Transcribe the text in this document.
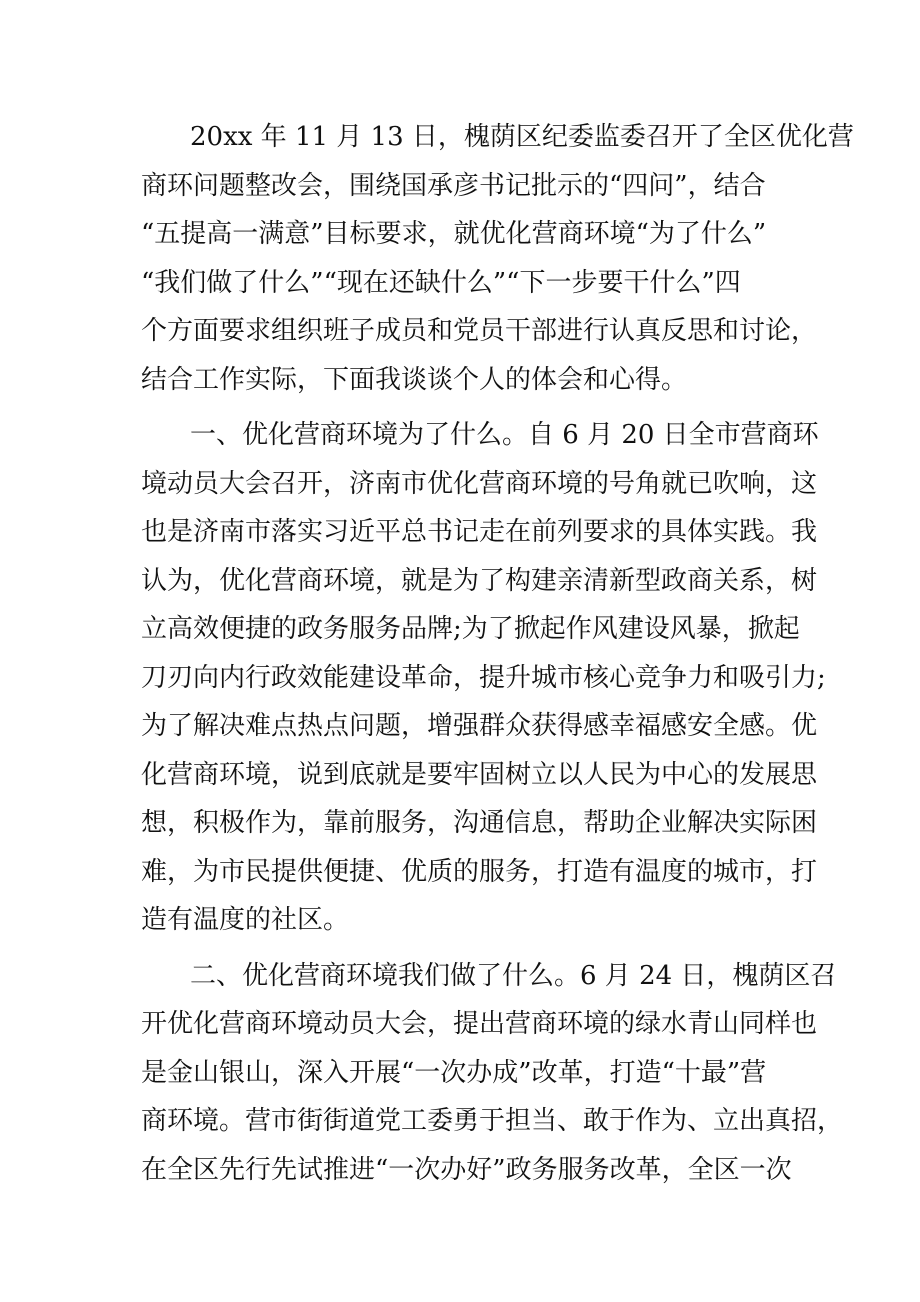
20xx 年 11 月 13 日，槐荫区纪委监委召开了全区优化营
商环问题整改会，围绕国承彦书记批示的“四问”，结合
“五提高一满意”目标要求，就优化营商环境“为了什么”
“我们做了什么”“现在还缺什么”“下一步要干什么”四
个方面要求组织班子成员和党员干部进行认真反思和讨论，
结合工作实际，下面我谈谈个人的体会和心得。
一、优化营商环境为了什么。自 6 月 20 日全市营商环
境动员大会召开，济南市优化营商环境的号角就已吹响，这
也是济南市落实习近平总书记走在前列要求的具体实践。我
认为，优化营商环境，就是为了构建亲清新型政商关系，树
立高效便捷的政务服务品牌;为了掀起作风建设风暴，掀起
刀刃向内行政效能建设革命，提升城市核心竞争力和吸引力;
为了解决难点热点问题，增强群众获得感幸福感安全感。优
化营商环境，说到底就是要牢固树立以人民为中心的发展思
想，积极作为，靠前服务，沟通信息，帮助企业解决实际困
难，为市民提供便捷、优质的服务，打造有温度的城市，打
造有温度的社区。
二、优化营商环境我们做了什么。6 月 24 日，槐荫区召
开优化营商环境动员大会，提出营商环境的绿水青山同样也
是金山银山，深入开展“一次办成”改革，打造“十最”营
商环境。营市街街道党工委勇于担当、敢于作为、立出真招，
在全区先行先试推进“一次办好”政务服务改革，全区一次
